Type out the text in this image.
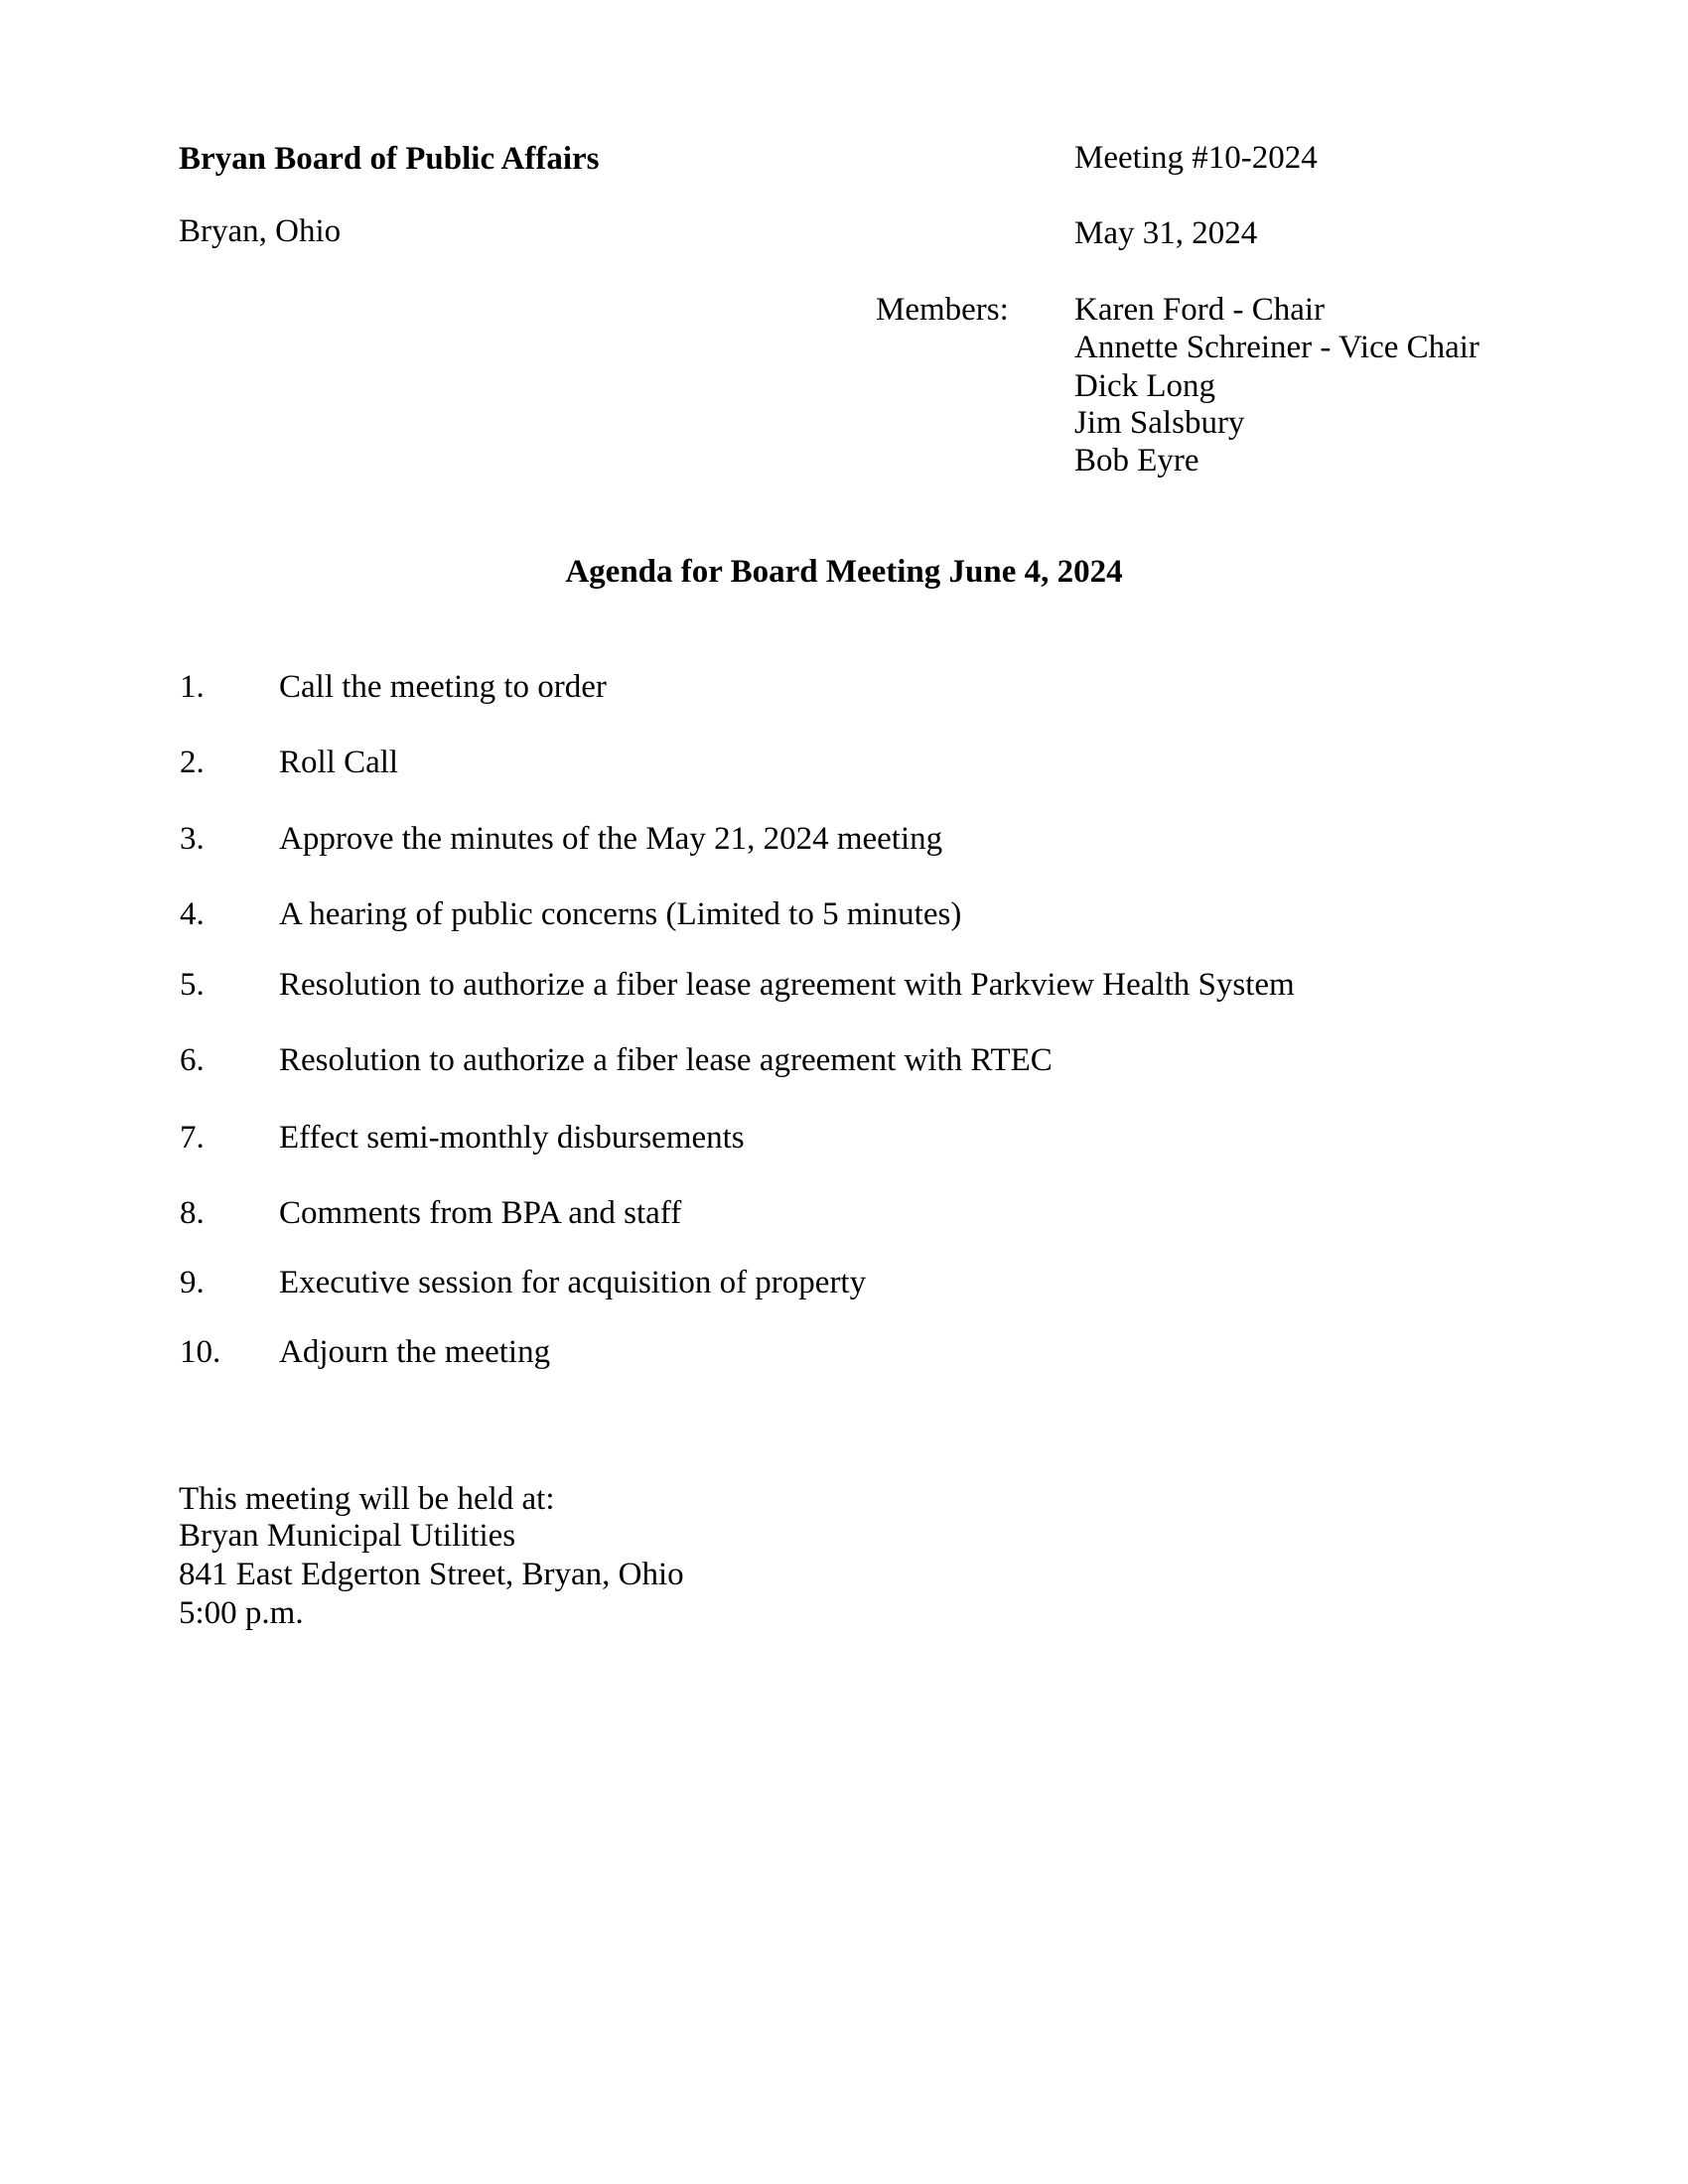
Bryan Board of Public Affairs	Meeting #10-2024
Bryan, Ohio	May 31, 2024
Members: Karen Ford - Chair
Annette Schreiner - Vice Chair
Dick Long
Jim Salsbury
Bob Eyre
Agenda for Board Meeting June 4, 2024
1. Call the meeting to order
2. Roll Call
3. Approve the minutes of the May 21, 2024 meeting
4. A hearing of public concerns (Limited to 5 minutes)
5. Resolution to authorize a fiber lease agreement with Parkview Health System
6. Resolution to authorize a fiber lease agreement with RTEC
7. Effect semi-monthly disbursements
8. Comments from BPA and staff
9. Executive session for acquisition of property
10. Adjourn the meeting
This meeting will be held at:
Bryan Municipal Utilities
841 East Edgerton Street, Bryan, Ohio
5:00 p.m.
